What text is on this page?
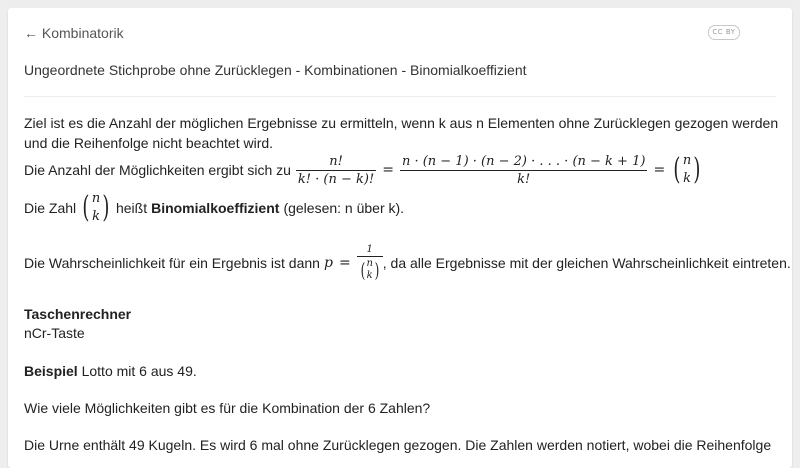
← Kombinatorik	CC BY
Ungeordnete Stichprobe ohne Zurücklegen - Kombinationen - Binomialkoeffizient
Ziel ist es die Anzahl der möglichen Ergebnisse zu ermitteln, wenn k aus n Elementen ohne Zurücklegen gezogen werden
und die Reihenfolge nicht beachtet wird.
Die Anzahl der Möglichkeiten ergibt sich zu $\frac{n!}{k! \cdot (n - k)!} = \frac{n \cdot (n - 1) \cdot (n - 2) \cdot . . . \cdot (n - k + 1)}{k!}$ = ( n
k )
Die Zahl ( n
k ) heißt Binomialkoeffizient (gelesen: n über k).
Die Wahrscheinlichkeit für ein Ergebnis ist dann p =
1
( n
k ) , da alle Ergebnisse mit der gleichen Wahrscheinlichkeit eintreten.
Taschenrechner
nCr-Taste
Beispiel Lotto mit 6 aus 49.
Wie viele Möglichkeiten gibt es für die Kombination der 6 Zahlen?
Die Urne enthält 49 Kugeln. Es wird 6 mal ohne Zurücklegen gezogen. Die Zahlen werden notiert, wobei die Reihenfolge
